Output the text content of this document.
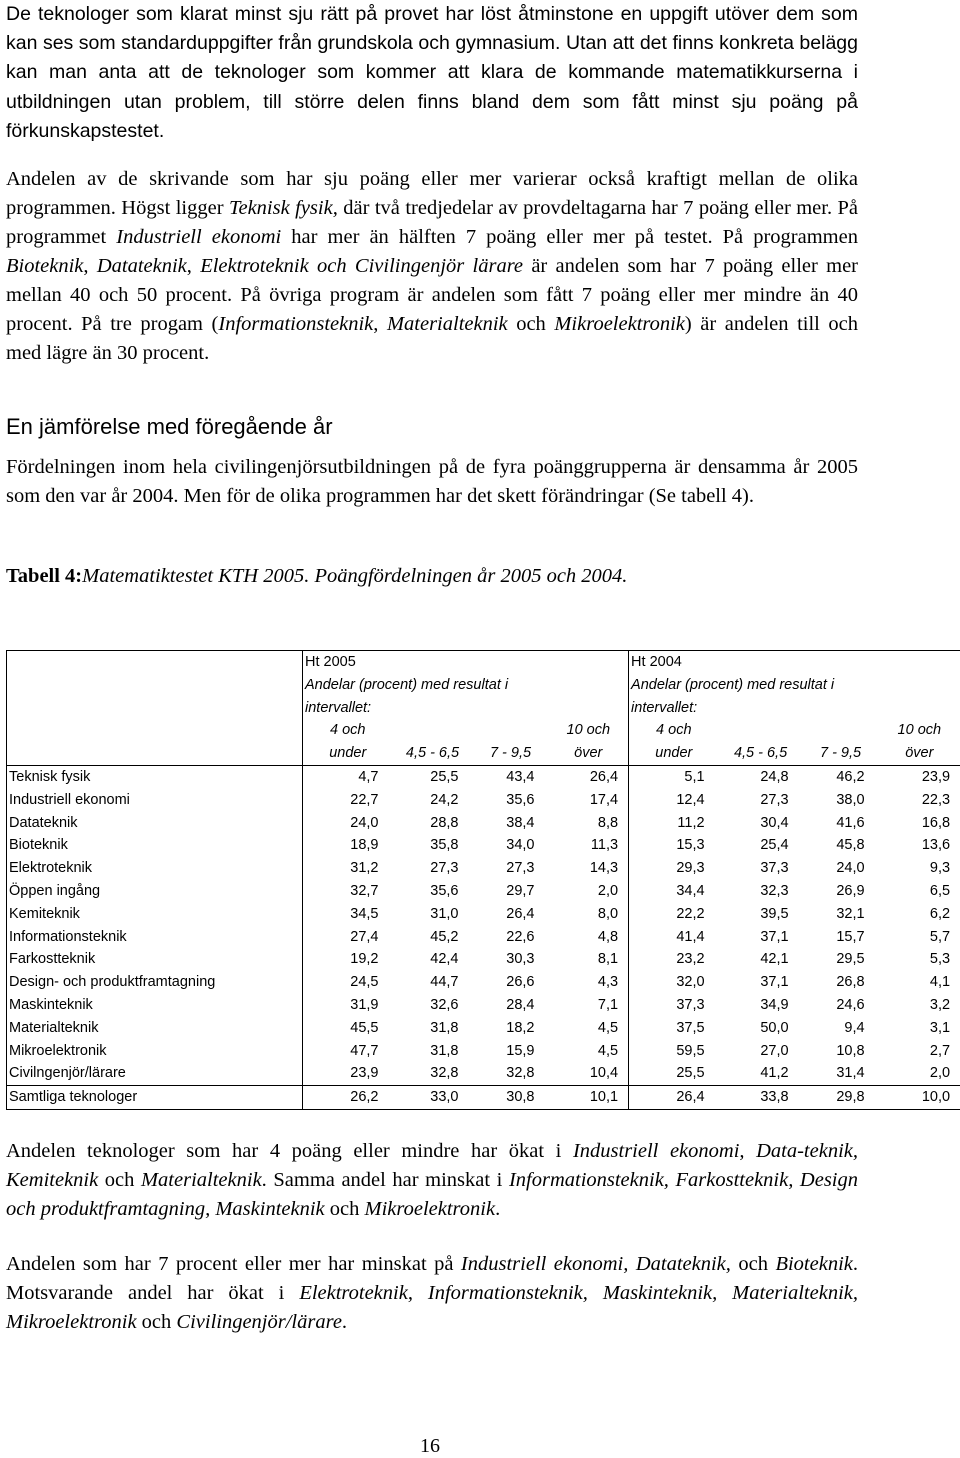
De teknologer som klarat minst sju rätt på provet har löst åtminstone en uppgift utöver dem som kan ses som standarduppgifter från grundskola och gymnasium. Utan att det finns konkreta belägg kan man anta att de teknologer som kommer att klara de kommande matematikkurserna i utbildningen utan problem, till större delen finns bland dem som fått minst sju poäng på förkunskapstestet.

Andelen av de skrivande som har sju poäng eller mer varierar också kraftigt mellan de olika programmen. Högst ligger Teknisk fysik, där två tredjedelar av provdeltagarna har 7 poäng eller mer. På programmet Industriell ekonomi har mer än hälften 7 poäng eller mer på testet. På programmen Bioteknik, Datateknik, Elektroteknik och Civilingenjör lärare är andelen som har 7 poäng eller mer mellan 40 och 50 procent. På övriga program är andelen som fått 7 poäng eller mer mindre än 40 procent. På tre progam (Informationsteknik, Materialteknik och Mikroelektronik) är andelen till och med lägre än 30 procent.

En jämförelse med föregående år

Fördelningen inom hela civilingenjörsutbildningen på de fyra poänggrupperna är densamma år 2005 som den var år 2004. Men för de olika programmen har det skett förändringar (Se tabell 4).

Tabell 4:Matematiktestet KTH 2005. Poängfördelningen år 2005 och 2004.
	Ht 2005				Ht 2004			
	Andelar (procent) med resultat i				Andelar (procent) med resultat i			
	intervallet:				intervallet:			
	4 och			10 och	4 och			10 och
	under	4,5 - 6,5	7 - 9,5	över	under	4,5 - 6,5	7 - 9,5	över
Teknisk fysik	4,7	25,5	43,4	26,4	5,1	24,8	46,2	23,9
Industriell ekonomi	22,7	24,2	35,6	17,4	12,4	27,3	38,0	22,3
Datateknik	24,0	28,8	38,4	8,8	11,2	30,4	41,6	16,8
Bioteknik	18,9	35,8	34,0	11,3	15,3	25,4	45,8	13,6
Elektroteknik	31,2	27,3	27,3	14,3	29,3	37,3	24,0	9,3
Öppen ingång	32,7	35,6	29,7	2,0	34,4	32,3	26,9	6,5
Kemiteknik	34,5	31,0	26,4	8,0	22,2	39,5	32,1	6,2
Informationsteknik	27,4	45,2	22,6	4,8	41,4	37,1	15,7	5,7
Farkostteknik	19,2	42,4	30,3	8,1	23,2	42,1	29,5	5,3
Design- och produktframtagning	24,5	44,7	26,6	4,3	32,0	37,1	26,8	4,1
Maskinteknik	31,9	32,6	28,4	7,1	37,3	34,9	24,6	3,2
Materialteknik	45,5	31,8	18,2	4,5	37,5	50,0	9,4	3,1
Mikroelektronik	47,7	31,8	15,9	4,5	59,5	27,0	10,8	2,7
Civilngenjör/lärare	23,9	32,8	32,8	10,4	25,5	41,2	31,4	2,0
Samtliga teknologer	26,2	33,0	30,8	10,1	26,4	33,8	29,8	10,0

Andelen teknologer som har 4 poäng eller mindre har ökat i Industriell ekonomi, Data-teknik, Kemiteknik och Materialteknik. Samma andel har minskat i Informationsteknik, Farkostteknik, Design och produktframtagning, Maskinteknik och Mikroelektronik.

Andelen som har 7 procent eller mer har minskat på Industriell ekonomi, Datateknik, och Bioteknik. Motsvarande andel har ökat i Elektroteknik, Informationsteknik, Maskinteknik, Materialteknik, Mikroelektronik och Civilingenjör/lärare.

16
